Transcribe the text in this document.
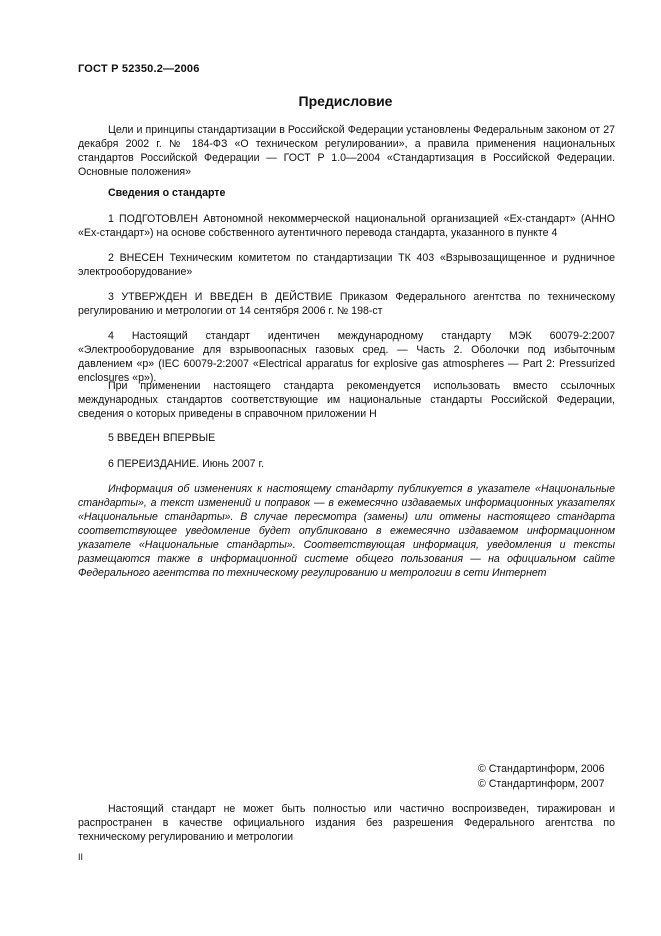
ГОСТ Р 52350.2—2006
Предисловие
Цели и принципы стандартизации в Российской Федерации установлены Федеральным законом от 27 декабря 2002 г. № 184-ФЗ «О техническом регулировании», а правила применения национальных стандартов Российской Федерации — ГОСТ Р 1.0—2004 «Стандартизация в Российской Федерации. Основные положения»
Сведения о стандарте
1 ПОДГОТОВЛЕН Автономной некоммерческой национальной организацией «Ех-стандарт» (АННО «Ех-стандарт») на основе собственного аутентичного перевода стандарта, указанного в пункте 4
2 ВНЕСЕН Техническим комитетом по стандартизации ТК 403 «Взрывозащищенное и рудничное электрооборудование»
3 УТВЕРЖДЕН И ВВЕДЕН В ДЕЙСТВИЕ Приказом Федерального агентства по техническому регулированию и метрологии от 14 сентября 2006 г. № 198-ст
4 Настоящий стандарт идентичен международному стандарту МЭК 60079-2:2007 «Электрооборудование для взрывоопасных газовых сред. — Часть 2. Оболочки под избыточным давлением «р» (IEC 60079-2:2007 «Electrical apparatus for explosive gas atmospheres — Part 2: Pressurized enclosures «р»).
При применении настоящего стандарта рекомендуется использовать вместо ссылочных международных стандартов соответствующие им национальные стандарты Российской Федерации, сведения о которых приведены в справочном приложении Н
5 ВВЕДЕН ВПЕРВЫЕ
6 ПЕРЕИЗДАНИЕ. Июнь 2007 г.
Информация об изменениях к настоящему стандарту публикуется в указателе «Национальные стандарты», а текст изменений и поправок — в ежемесячно издаваемых информационных указателях «Национальные стандарты». В случае пересмотра (замены) или отмены настоящего стандарта соответствующее уведомление будет опубликовано в ежемесячно издаваемом информационном указателе «Национальные стандарты». Соответствующая информация, уведомления и тексты размещаются также в информационной системе общего пользования — на официальном сайте Федерального агентства по техническому регулированию и метрологии в сети Интернет
© Стандартинформ, 2006
© Стандартинформ, 2007
Настоящий стандарт не может быть полностью или частично воспроизведен, тиражирован и распространен в качестве официального издания без разрешения Федерального агентства по техническому регулированию и метрологии
II
